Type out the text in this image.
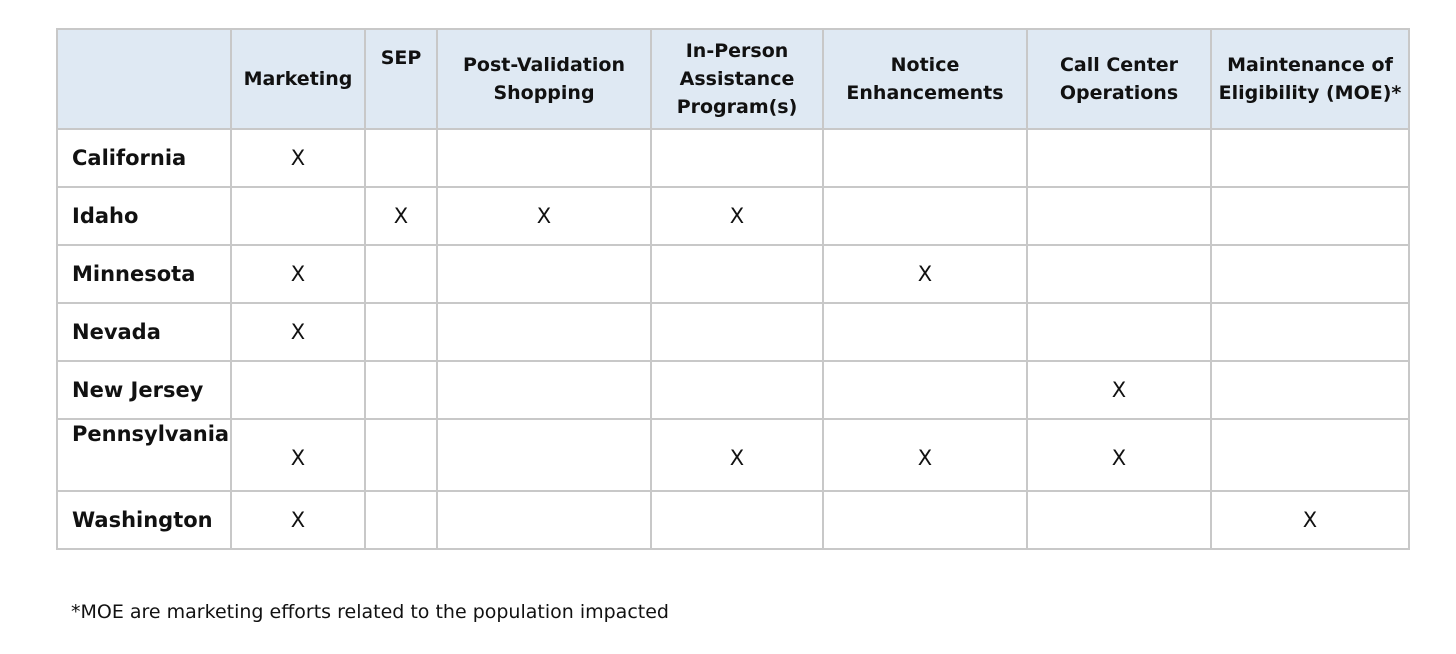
	Marketing	SEP	Post-Validation Shopping	In-Person Assistance Program(s)	Notice Enhancements	Call Center Operations	Maintenance of Eligibility (MOE)*
California	X						
Idaho		X	X	X			
Minnesota	X				X		
Nevada	X						
New Jersey						X	
Pennsylvania	X			X	X	X	
Washington	X						X
*MOE are marketing efforts related to the population impacted
